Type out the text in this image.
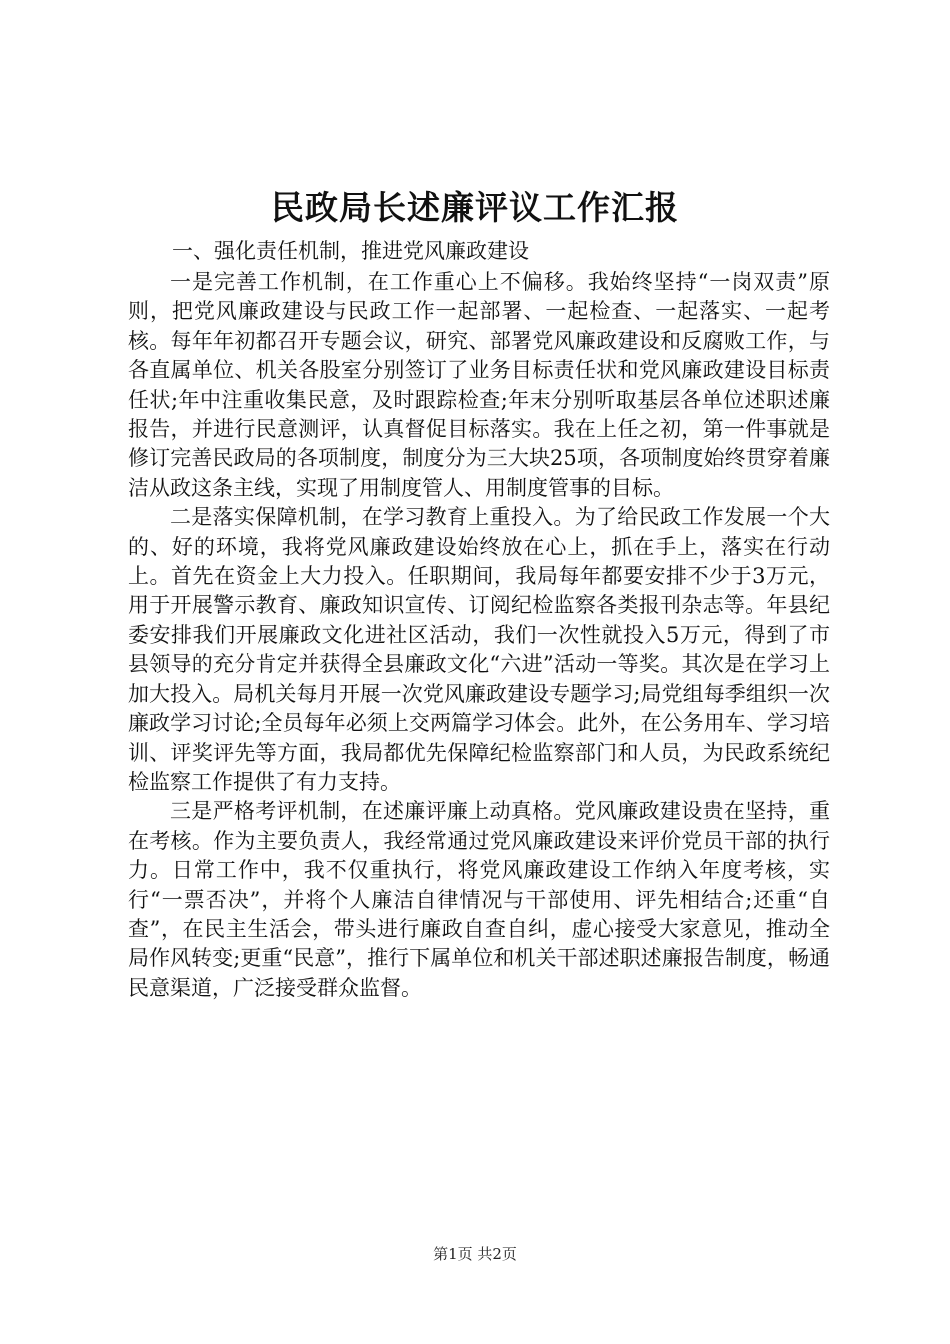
民政局长述廉评议工作汇报
一、强化责任机制，推进党风廉政建设

一是完善工作机制，在工作重心上不偏移。我始终坚持“一岗双责”原则，把党风廉政建设与民政工作一起部署、一起检查、一起落实、一起考核。每年年初都召开专题会议，研究、部署党风廉政建设和反腐败工作，与各直属单位、机关各股室分别签订了业务目标责任状和党风廉政建设目标责任状;年中注重收集民意，及时跟踪检查;年末分别听取基层各单位述职述廉报告，并进行民意测评，认真督促目标落实。我在上任之初，第一件事就是修订完善民政局的各项制度，制度分为三大块25项，各项制度始终贯穿着廉洁从政这条主线，实现了用制度管人、用制度管事的目标。

二是落实保障机制，在学习教育上重投入。为了给民政工作发展一个大的、好的环境，我将党风廉政建设始终放在心上，抓在手上，落实在行动上。首先在资金上大力投入。任职期间，我局每年都要安排不少于3万元，用于开展警示教育、廉政知识宣传、订阅纪检监察各类报刊杂志等。年县纪委安排我们开展廉政文化进社区活动，我们一次性就投入5万元，得到了市县领导的充分肯定并获得全县廉政文化“六进”活动一等奖。其次是在学习上加大投入。局机关每月开展一次党风廉政建设专题学习;局党组每季组织一次廉政学习讨论;全员每年必须上交两篇学习体会。此外，在公务用车、学习培训、评奖评先等方面，我局都优先保障纪检监察部门和人员，为民政系统纪检监察工作提供了有力支持。

三是严格考评机制，在述廉评廉上动真格。党风廉政建设贵在坚持，重在考核。作为主要负责人，我经常通过党风廉政建设来评价党员干部的执行力。日常工作中，我不仅重执行，将党风廉政建设工作纳入年度考核，实行“一票否决”，并将个人廉洁自律情况与干部使用、评先相结合;还重“自查”，在民主生活会，带头进行廉政自查自纠，虚心接受大家意见，推动全局作风转变;更重“民意”，推行下属单位和机关干部述职述廉报告制度，畅通民意渠道，广泛接受群众监督。

第1页 共2页
